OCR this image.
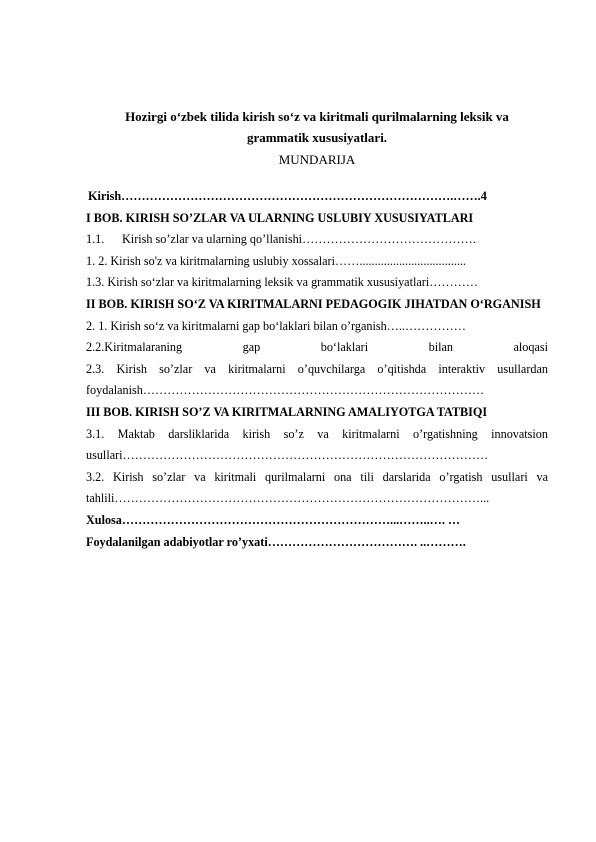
Hozirgi o‘zbek tilida kirish so‘z va kiritmali qurilmalarning leksik va
grammatik xususiyatlari.
MUNDARIJA
Kirish……………………………………………………………………….…….4
I BOB. KIRISH SO’ZLAR VA ULARNING USLUBIY XUSUSIYATLARI
1.1. Kirish so’zlar va ularning qo’llanishi…………………………………….
1. 2. Kirish so'z va kiritmalarning uslubiy xossalari……...................................
1.3. Kirish so‘zlar va kiritmalarning leksik va grammatik xususiyatlari…………
II BOB. KIRISH SO‘Z VA KIRITMALARNI PEDAGOGIK JIHATDAN O‘RGANISH
2. 1. Kirish so‘z va kiritmalarni gap bo‘laklari bilan o’rganish…..……………
2.2.Kiritmalaraning gap bo‘laklari bilan aloqasi
2.3. Kirish so’zlar va kiritmalarni o’quvchilarga o’qitishda interaktiv usullardan foydalanish…………………………………………………………………………
III BOB. KIRISH SO’Z VA KIRITMALARNING AMALIYOTGA TATBIQI
3.1. Maktab darsliklarida kirish so’z va kiritmalarni o’rgatishning innovatsion usullari………………………………………………………………………………
3.2. Kirish so’zlar va kiritmali qurilmalarni ona tili darslarida o’rgatish usullari va tahlili………………………………………………………………………………...
Xulosa…………………………………………………………...……..…. …
Foydalanilgan adabiyotlar ro’yxati………………………………. ..……….
